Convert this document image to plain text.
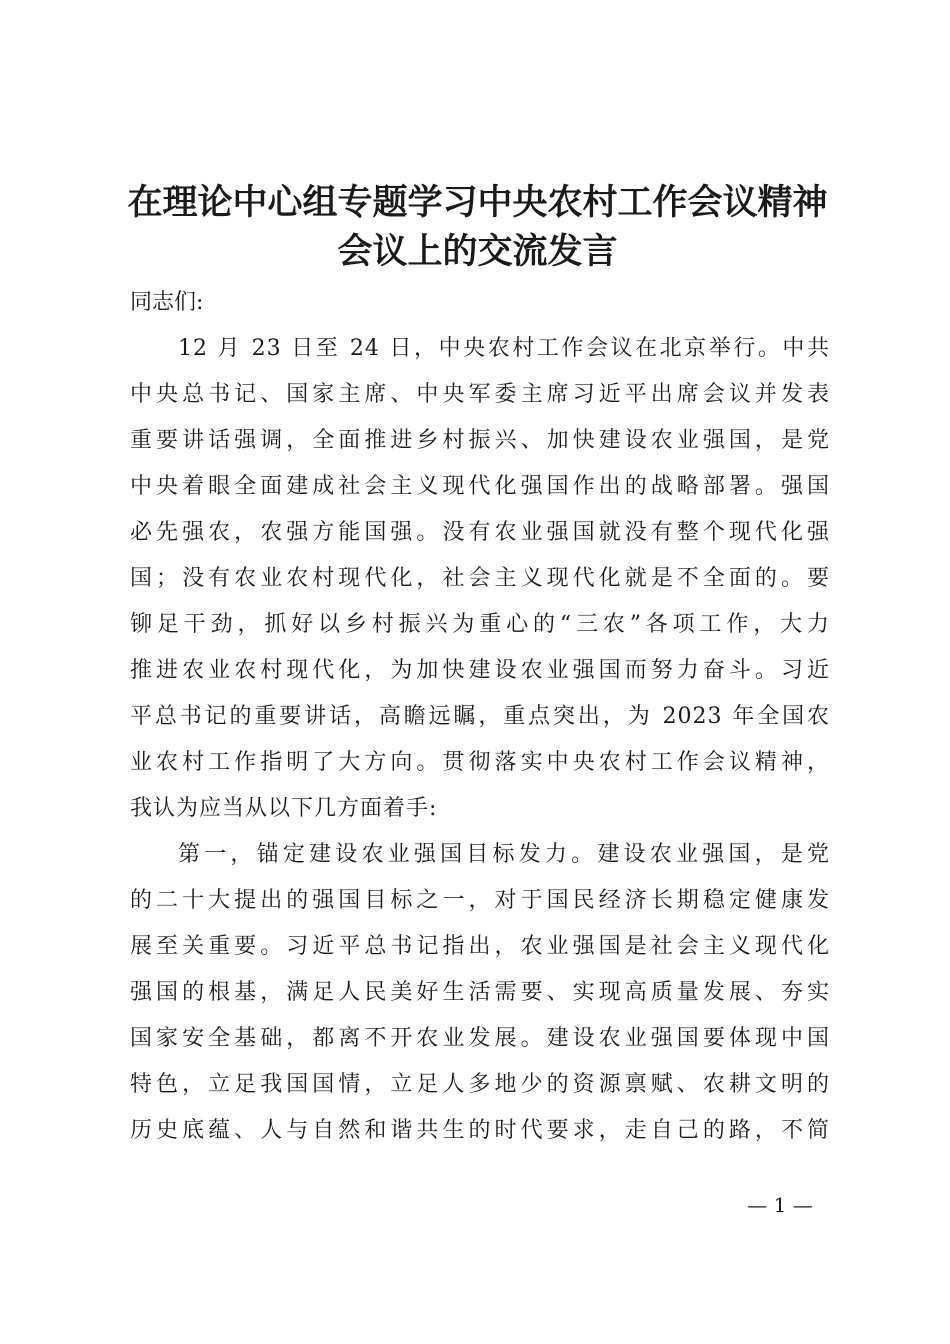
在理论中心组专题学习中央农村工作会议精神
会议上的交流发言

同志们:

12 月 23 日至 24 日，中央农村工作会议在北京举行。中共
中央总书记、国家主席、中央军委主席习近平出席会议并发表
重要讲话强调，全面推进乡村振兴、加快建设农业强国，是党
中央着眼全面建成社会主义现代化强国作出的战略部署。强国
必先强农，农强方能国强。没有农业强国就没有整个现代化强
国；没有农业农村现代化，社会主义现代化就是不全面的。要
铆足干劲，抓好以乡村振兴为重心的“三农”各项工作，大力
推进农业农村现代化，为加快建设农业强国而努力奋斗。习近
平总书记的重要讲话，高瞻远瞩，重点突出，为 2023 年全国农
业农村工作指明了大方向。贯彻落实中央农村工作会议精神，
我认为应当从以下几方面着手:

第一，锚定建设农业强国目标发力。建设农业强国，是党
的二十大提出的强国目标之一，对于国民经济长期稳定健康发
展至关重要。习近平总书记指出，农业强国是社会主义现代化
强国的根基，满足人民美好生活需要、实现高质量发展、夯实
国家安全基础，都离不开农业发展。建设农业强国要体现中国
特色，立足我国国情，立足人多地少的资源禀赋、农耕文明的
历史底蕴、人与自然和谐共生的时代要求，走自己的路，不简

— 1 —
